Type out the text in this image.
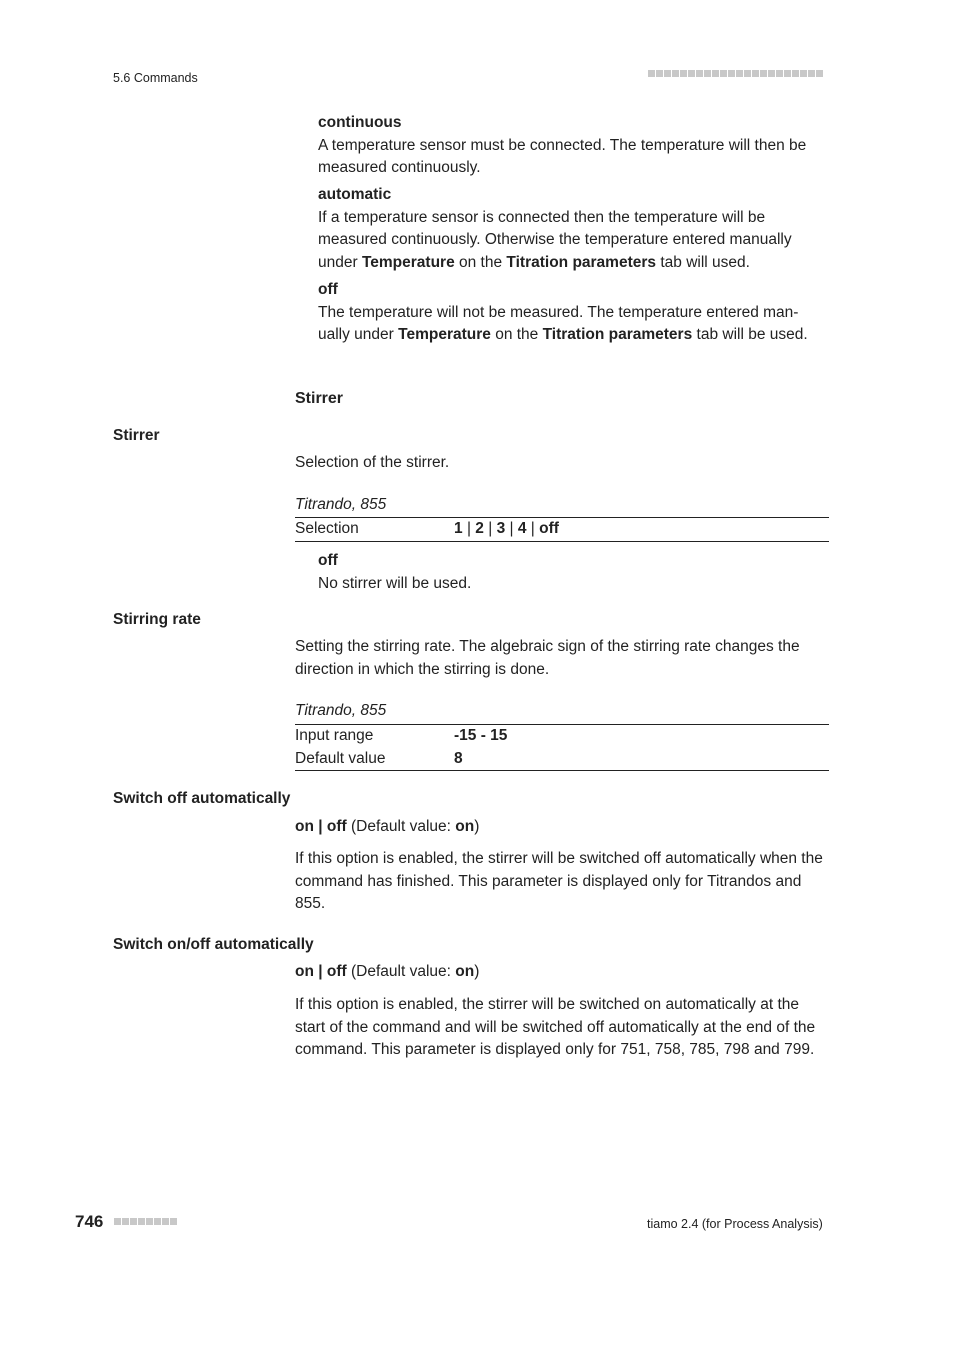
5.6 Commands
continuous
A temperature sensor must be connected. The temperature will then be measured continuously.
automatic
If a temperature sensor is connected then the temperature will be measured continuously. Otherwise the temperature entered manually under Temperature on the Titration parameters tab will used.
off
The temperature will not be measured. The temperature entered man-ually under Temperature on the Titration parameters tab will be used.
Stirrer
Stirrer
Selection of the stirrer.
Titrando, 855
Selection	1 | 2 | 3 | 4 | off
off
No stirrer will be used.
Stirring rate
Setting the stirring rate. The algebraic sign of the stirring rate changes the direction in which the stirring is done.
Titrando, 855
Input range	-15 - 15
Default value	8
Switch off automatically
on | off (Default value: on)
If this option is enabled, the stirrer will be switched off automatically when the command has finished. This parameter is displayed only for Titrandos and 855.
Switch on/off automatically
on | off (Default value: on)
If this option is enabled, the stirrer will be switched on automatically at the start of the command and will be switched off automatically at the end of the command. This parameter is displayed only for 751, 758, 785, 798 and 799.
746	tiamo 2.4 (for Process Analysis)
